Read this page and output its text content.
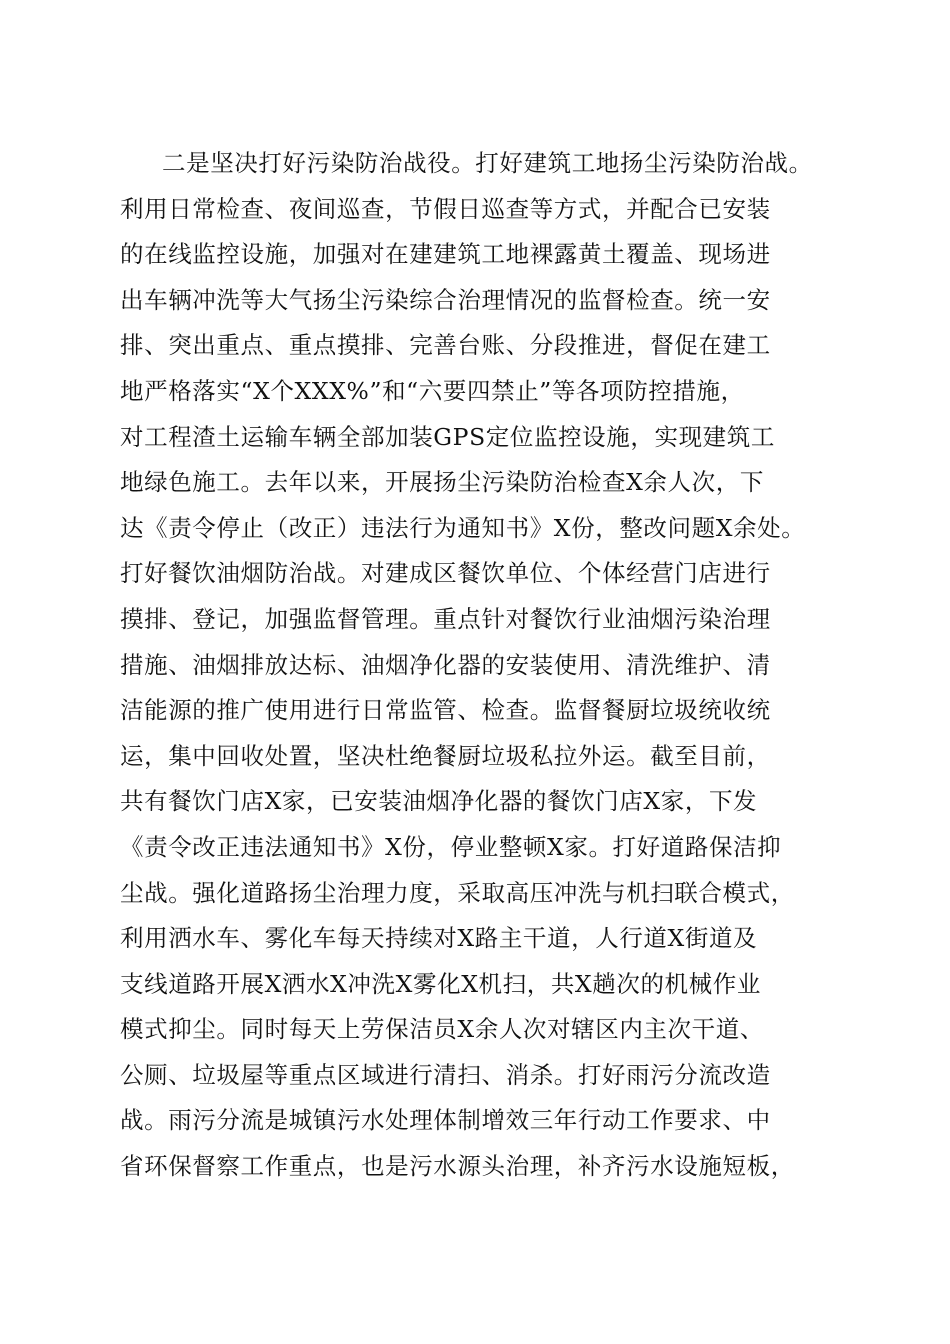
二是坚决打好污染防治战役。打好建筑工地扬尘污染防治战。
利用日常检查、夜间巡查，节假日巡查等方式，并配合已安装
的在线监控设施，加强对在建建筑工地裸露黄土覆盖、现场进
出车辆冲洗等大气扬尘污染综合治理情况的监督检查。统一安
排、突出重点、重点摸排、完善台账、分段推进，督促在建工
地严格落实“X个XXX%”和“六要四禁止”等各项防控措施，
对工程渣土运输车辆全部加装GPS定位监控设施，实现建筑工
地绿色施工。去年以来，开展扬尘污染防治检查X余人次，下
达《责令停止（改正）违法行为通知书》X份，整改问题X余处。
打好餐饮油烟防治战。对建成区餐饮单位、个体经营门店进行
摸排、登记，加强监督管理。重点针对餐饮行业油烟污染治理
措施、油烟排放达标、油烟净化器的安装使用、清洗维护、清
洁能源的推广使用进行日常监管、检查。监督餐厨垃圾统收统
运，集中回收处置，坚决杜绝餐厨垃圾私拉外运。截至目前，
共有餐饮门店X家，已安装油烟净化器的餐饮门店X家，下发
《责令改正违法通知书》X份，停业整顿X家。打好道路保洁抑
尘战。强化道路扬尘治理力度，采取高压冲洗与机扫联合模式，
利用洒水车、雾化车每天持续对X路主干道，人行道X街道及
支线道路开展X洒水X冲洗X雾化X机扫，共X趟次的机械作业
模式抑尘。同时每天上劳保洁员X余人次对辖区内主次干道、
公厕、垃圾屋等重点区域进行清扫、消杀。打好雨污分流改造
战。雨污分流是城镇污水处理体制增效三年行动工作要求、中
省环保督察工作重点，也是污水源头治理，补齐污水设施短板，
